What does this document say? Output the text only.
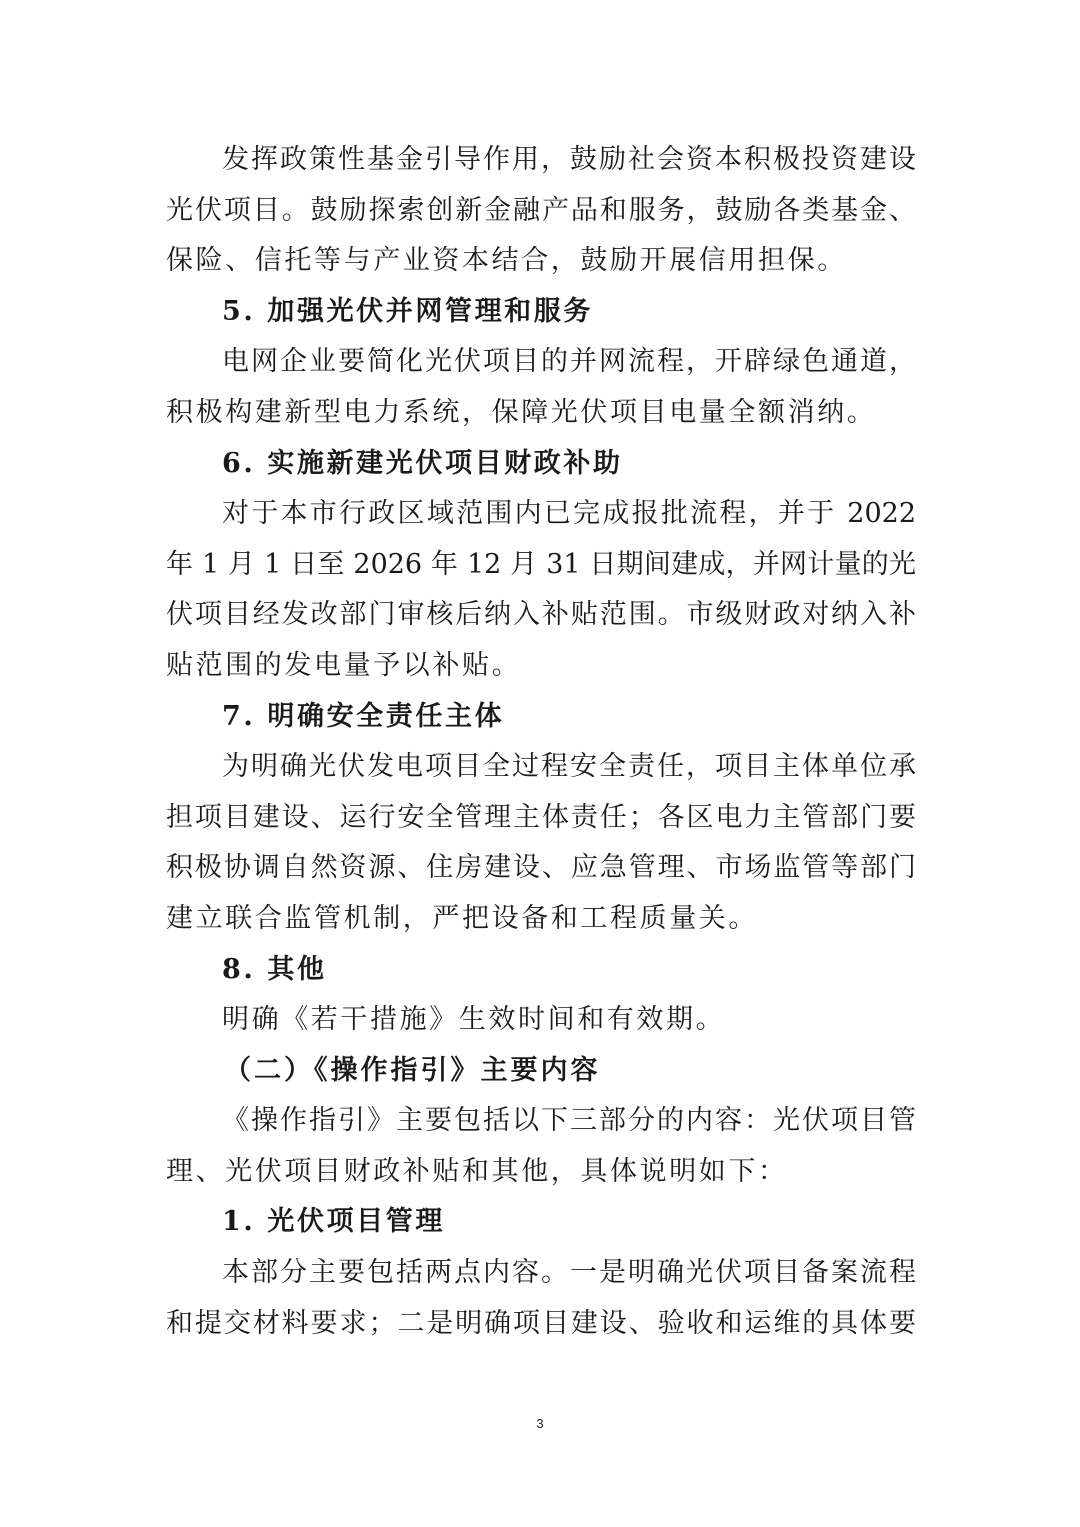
发挥政策性基金引导作用，鼓励社会资本积极投资建设
光伏项目。鼓励探索创新金融产品和服务，鼓励各类基金、
保险、信托等与产业资本结合，鼓励开展信用担保。
5. 加强光伏并网管理和服务
电网企业要简化光伏项目的并网流程，开辟绿色通道，
积极构建新型电力系统，保障光伏项目电量全额消纳。
6. 实施新建光伏项目财政补助
对于本市行政区域范围内已完成报批流程，并于 2022
年 1 月 1 日至 2026 年 12 月 31 日期间建成，并网计量的光
伏项目经发改部门审核后纳入补贴范围。市级财政对纳入补
贴范围的发电量予以补贴。
7. 明确安全责任主体
为明确光伏发电项目全过程安全责任，项目主体单位承
担项目建设、运行安全管理主体责任；各区电力主管部门要
积极协调自然资源、住房建设、应急管理、市场监管等部门
建立联合监管机制，严把设备和工程质量关。
8. 其他
明确《若干措施》生效时间和有效期。
（二）《操作指引》主要内容
《操作指引》主要包括以下三部分的内容：光伏项目管
理、光伏项目财政补贴和其他，具体说明如下：
1. 光伏项目管理
本部分主要包括两点内容。一是明确光伏项目备案流程
和提交材料要求；二是明确项目建设、验收和运维的具体要
3
